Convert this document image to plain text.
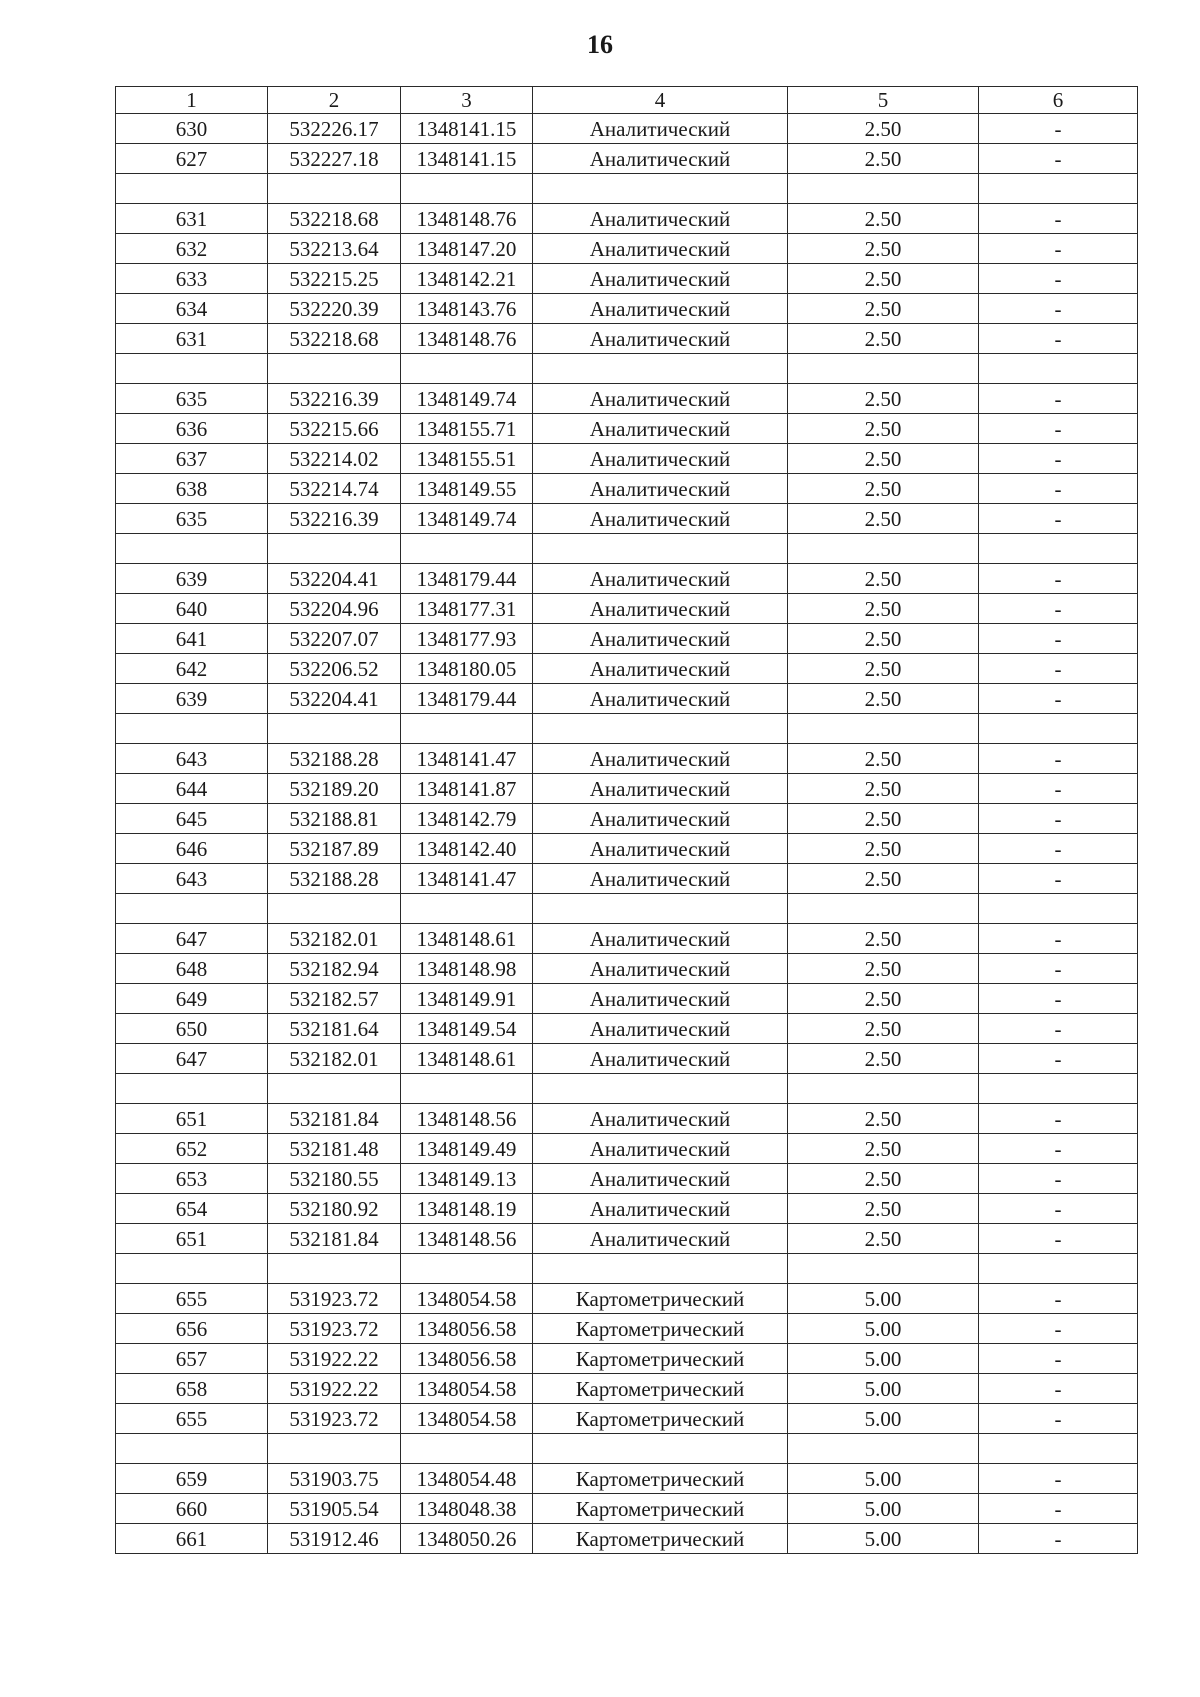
16
1	2	3	4	5	6
630	532226.17	1348141.15	Аналитический	2.50	-
627	532227.18	1348141.15	Аналитический	2.50	-

631	532218.68	1348148.76	Аналитический	2.50	-
632	532213.64	1348147.20	Аналитический	2.50	-
633	532215.25	1348142.21	Аналитический	2.50	-
634	532220.39	1348143.76	Аналитический	2.50	-
631	532218.68	1348148.76	Аналитический	2.50	-

635	532216.39	1348149.74	Аналитический	2.50	-
636	532215.66	1348155.71	Аналитический	2.50	-
637	532214.02	1348155.51	Аналитический	2.50	-
638	532214.74	1348149.55	Аналитический	2.50	-
635	532216.39	1348149.74	Аналитический	2.50	-

639	532204.41	1348179.44	Аналитический	2.50	-
640	532204.96	1348177.31	Аналитический	2.50	-
641	532207.07	1348177.93	Аналитический	2.50	-
642	532206.52	1348180.05	Аналитический	2.50	-
639	532204.41	1348179.44	Аналитический	2.50	-

643	532188.28	1348141.47	Аналитический	2.50	-
644	532189.20	1348141.87	Аналитический	2.50	-
645	532188.81	1348142.79	Аналитический	2.50	-
646	532187.89	1348142.40	Аналитический	2.50	-
643	532188.28	1348141.47	Аналитический	2.50	-

647	532182.01	1348148.61	Аналитический	2.50	-
648	532182.94	1348148.98	Аналитический	2.50	-
649	532182.57	1348149.91	Аналитический	2.50	-
650	532181.64	1348149.54	Аналитический	2.50	-
647	532182.01	1348148.61	Аналитический	2.50	-

651	532181.84	1348148.56	Аналитический	2.50	-
652	532181.48	1348149.49	Аналитический	2.50	-
653	532180.55	1348149.13	Аналитический	2.50	-
654	532180.92	1348148.19	Аналитический	2.50	-
651	532181.84	1348148.56	Аналитический	2.50	-

655	531923.72	1348054.58	Картометрический	5.00	-
656	531923.72	1348056.58	Картометрический	5.00	-
657	531922.22	1348056.58	Картометрический	5.00	-
658	531922.22	1348054.58	Картометрический	5.00	-
655	531923.72	1348054.58	Картометрический	5.00	-

659	531903.75	1348054.48	Картометрический	5.00	-
660	531905.54	1348048.38	Картометрический	5.00	-
661	531912.46	1348050.26	Картометрический	5.00	-
